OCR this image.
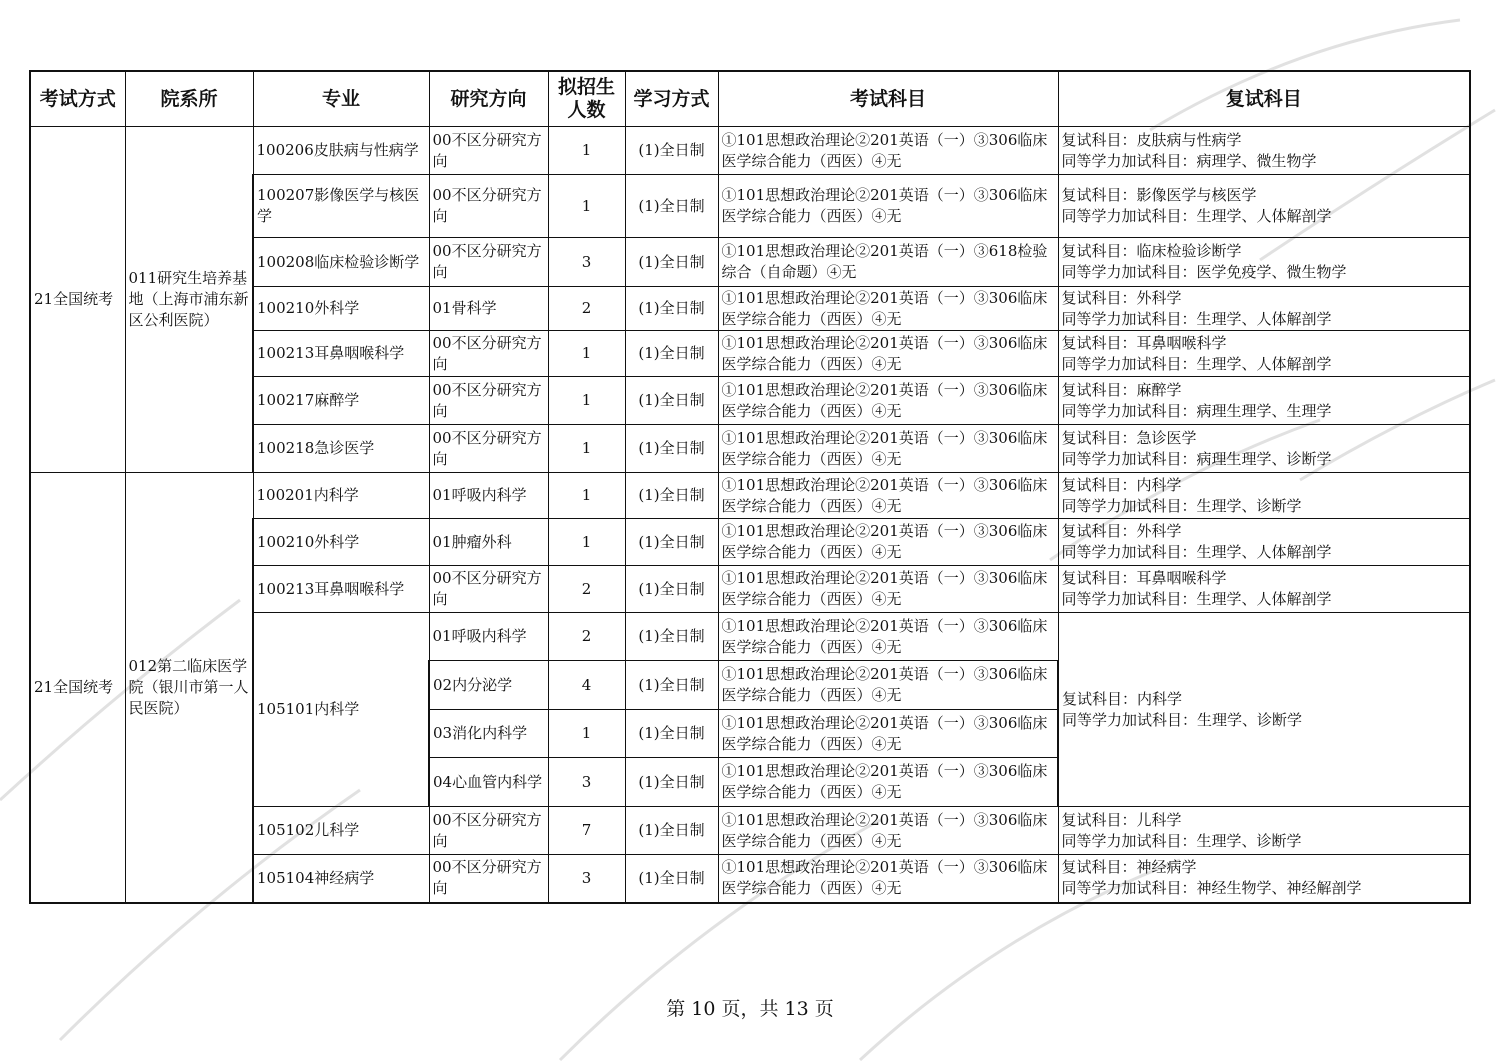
考试方式	院系所	专业	研究方向	拟招生人数	学习方式	考试科目	复试科目
21全国统考	011研究生培养基地（上海市浦东新区公利医院）	100206皮肤病与性病学	00不区分研究方向	1	(1)全日制	①101思想政治理论②201英语（一）③306临床医学综合能力（西医）④无	复试科目：皮肤病与性病学
同等学力加试科目：病理学、微生物学

		100207影像医学与核医学	00不区分研究方向	1	(1)全日制	①101思想政治理论②201英语（一）③306临床医学综合能力（西医）④无	复试科目：影像医学与核医学
同等学力加试科目：生理学、人体解剖学

		100208临床检验诊断学	00不区分研究方向	3	(1)全日制	①101思想政治理论②201英语（一）③618检验综合（自命题）④无	复试科目：临床检验诊断学
同等学力加试科目：医学免疫学、微生物学

		100210外科学	01骨科学	2	(1)全日制	①101思想政治理论②201英语（一）③306临床医学综合能力（西医）④无	复试科目：外科学
同等学力加试科目：生理学、人体解剖学

		100213耳鼻咽喉科学	00不区分研究方向	1	(1)全日制	①101思想政治理论②201英语（一）③306临床医学综合能力（西医）④无	复试科目：耳鼻咽喉科学
同等学力加试科目：生理学、人体解剖学

		100217麻醉学	00不区分研究方向	1	(1)全日制	①101思想政治理论②201英语（一）③306临床医学综合能力（西医）④无	复试科目：麻醉学
同等学力加试科目：病理生理学、生理学

		100218急诊医学	00不区分研究方向	1	(1)全日制	①101思想政治理论②201英语（一）③306临床医学综合能力（西医）④无	复试科目：急诊医学
同等学力加试科目：病理生理学、诊断学

21全国统考	012第二临床医学院（银川市第一人民医院）	100201内科学	01呼吸内科学	1	(1)全日制	①101思想政治理论②201英语（一）③306临床医学综合能力（西医）④无	复试科目：内科学
同等学力加试科目：生理学、诊断学

		100210外科学	01肿瘤外科	1	(1)全日制	①101思想政治理论②201英语（一）③306临床医学综合能力（西医）④无	复试科目：外科学
同等学力加试科目：生理学、人体解剖学

		100213耳鼻咽喉科学	00不区分研究方向	2	(1)全日制	①101思想政治理论②201英语（一）③306临床医学综合能力（西医）④无	复试科目：耳鼻咽喉科学
同等学力加试科目：生理学、人体解剖学

		105101内科学	01呼吸内科学	2	(1)全日制	①101思想政治理论②201英语（一）③306临床医学综合能力（西医）④无	复试科目：内科学
同等学力加试科目：生理学、诊断学

			02内分泌学	4	(1)全日制	①101思想政治理论②201英语（一）③306临床医学综合能力（西医）④无	
			03消化内科学	1	(1)全日制	①101思想政治理论②201英语（一）③306临床医学综合能力（西医）④无	
			04心血管内科学	3	(1)全日制	①101思想政治理论②201英语（一）③306临床医学综合能力（西医）④无	
		105102儿科学	00不区分研究方向	7	(1)全日制	①101思想政治理论②201英语（一）③306临床医学综合能力（西医）④无	复试科目：儿科学
同等学力加试科目：生理学、诊断学

		105104神经病学	00不区分研究方向	3	(1)全日制	①101思想政治理论②201英语（一）③306临床医学综合能力（西医）④无	复试科目：神经病学
同等学力加试科目：神经生物学、神经解剖学
第 10 页，共 13 页
